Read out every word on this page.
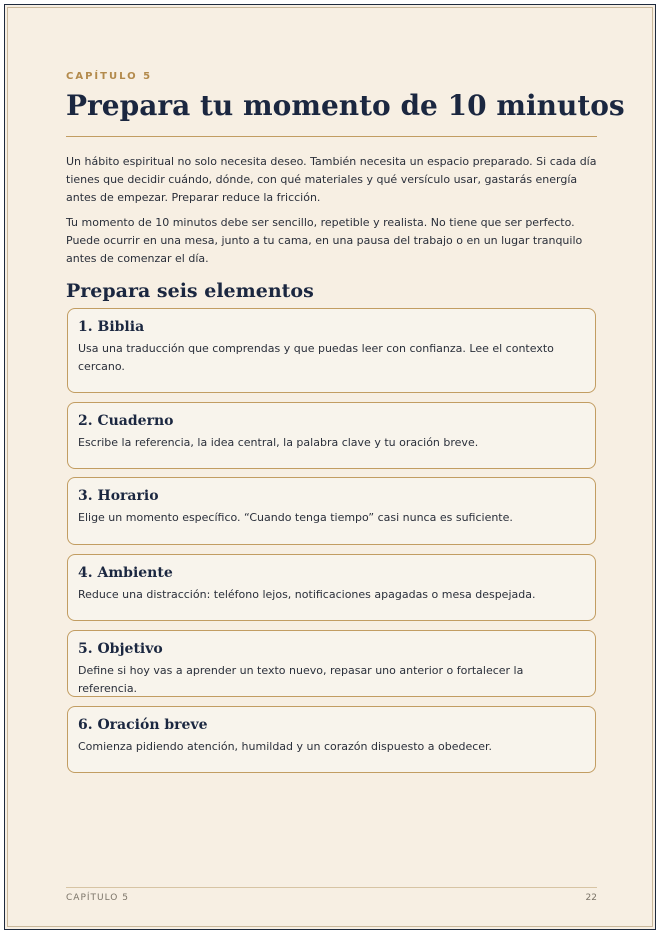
CAPÍTULO 5
Prepara tu momento de 10 minutos

Un hábito espiritual no solo necesita deseo. También necesita un espacio preparado. Si cada día tienes que decidir cuándo, dónde, con qué materiales y qué versículo usar, gastarás energía antes de empezar. Preparar reduce la fricción.

Tu momento de 10 minutos debe ser sencillo, repetible y realista. No tiene que ser perfecto. Puede ocurrir en una mesa, junto a tu cama, en una pausa del trabajo o en un lugar tranquilo antes de comenzar el día.

Prepara seis elementos
1. Biblia

Usa una traducción que comprendas y que puedas leer con confianza. Lee el contexto cercano.

2. Cuaderno

Escribe la referencia, la idea central, la palabra clave y tu oración breve.

3. Horario

Elige un momento específico. “Cuando tenga tiempo” casi nunca es suficiente.

4. Ambiente

Reduce una distracción: teléfono lejos, notificaciones apagadas o mesa despejada.

5. Objetivo

Define si hoy vas a aprender un texto nuevo, repasar uno anterior o fortalecer la referencia.

6. Oración breve

Comienza pidiendo atención, humildad y un corazón dispuesto a obedecer.

CAPÍTULO 5	22
